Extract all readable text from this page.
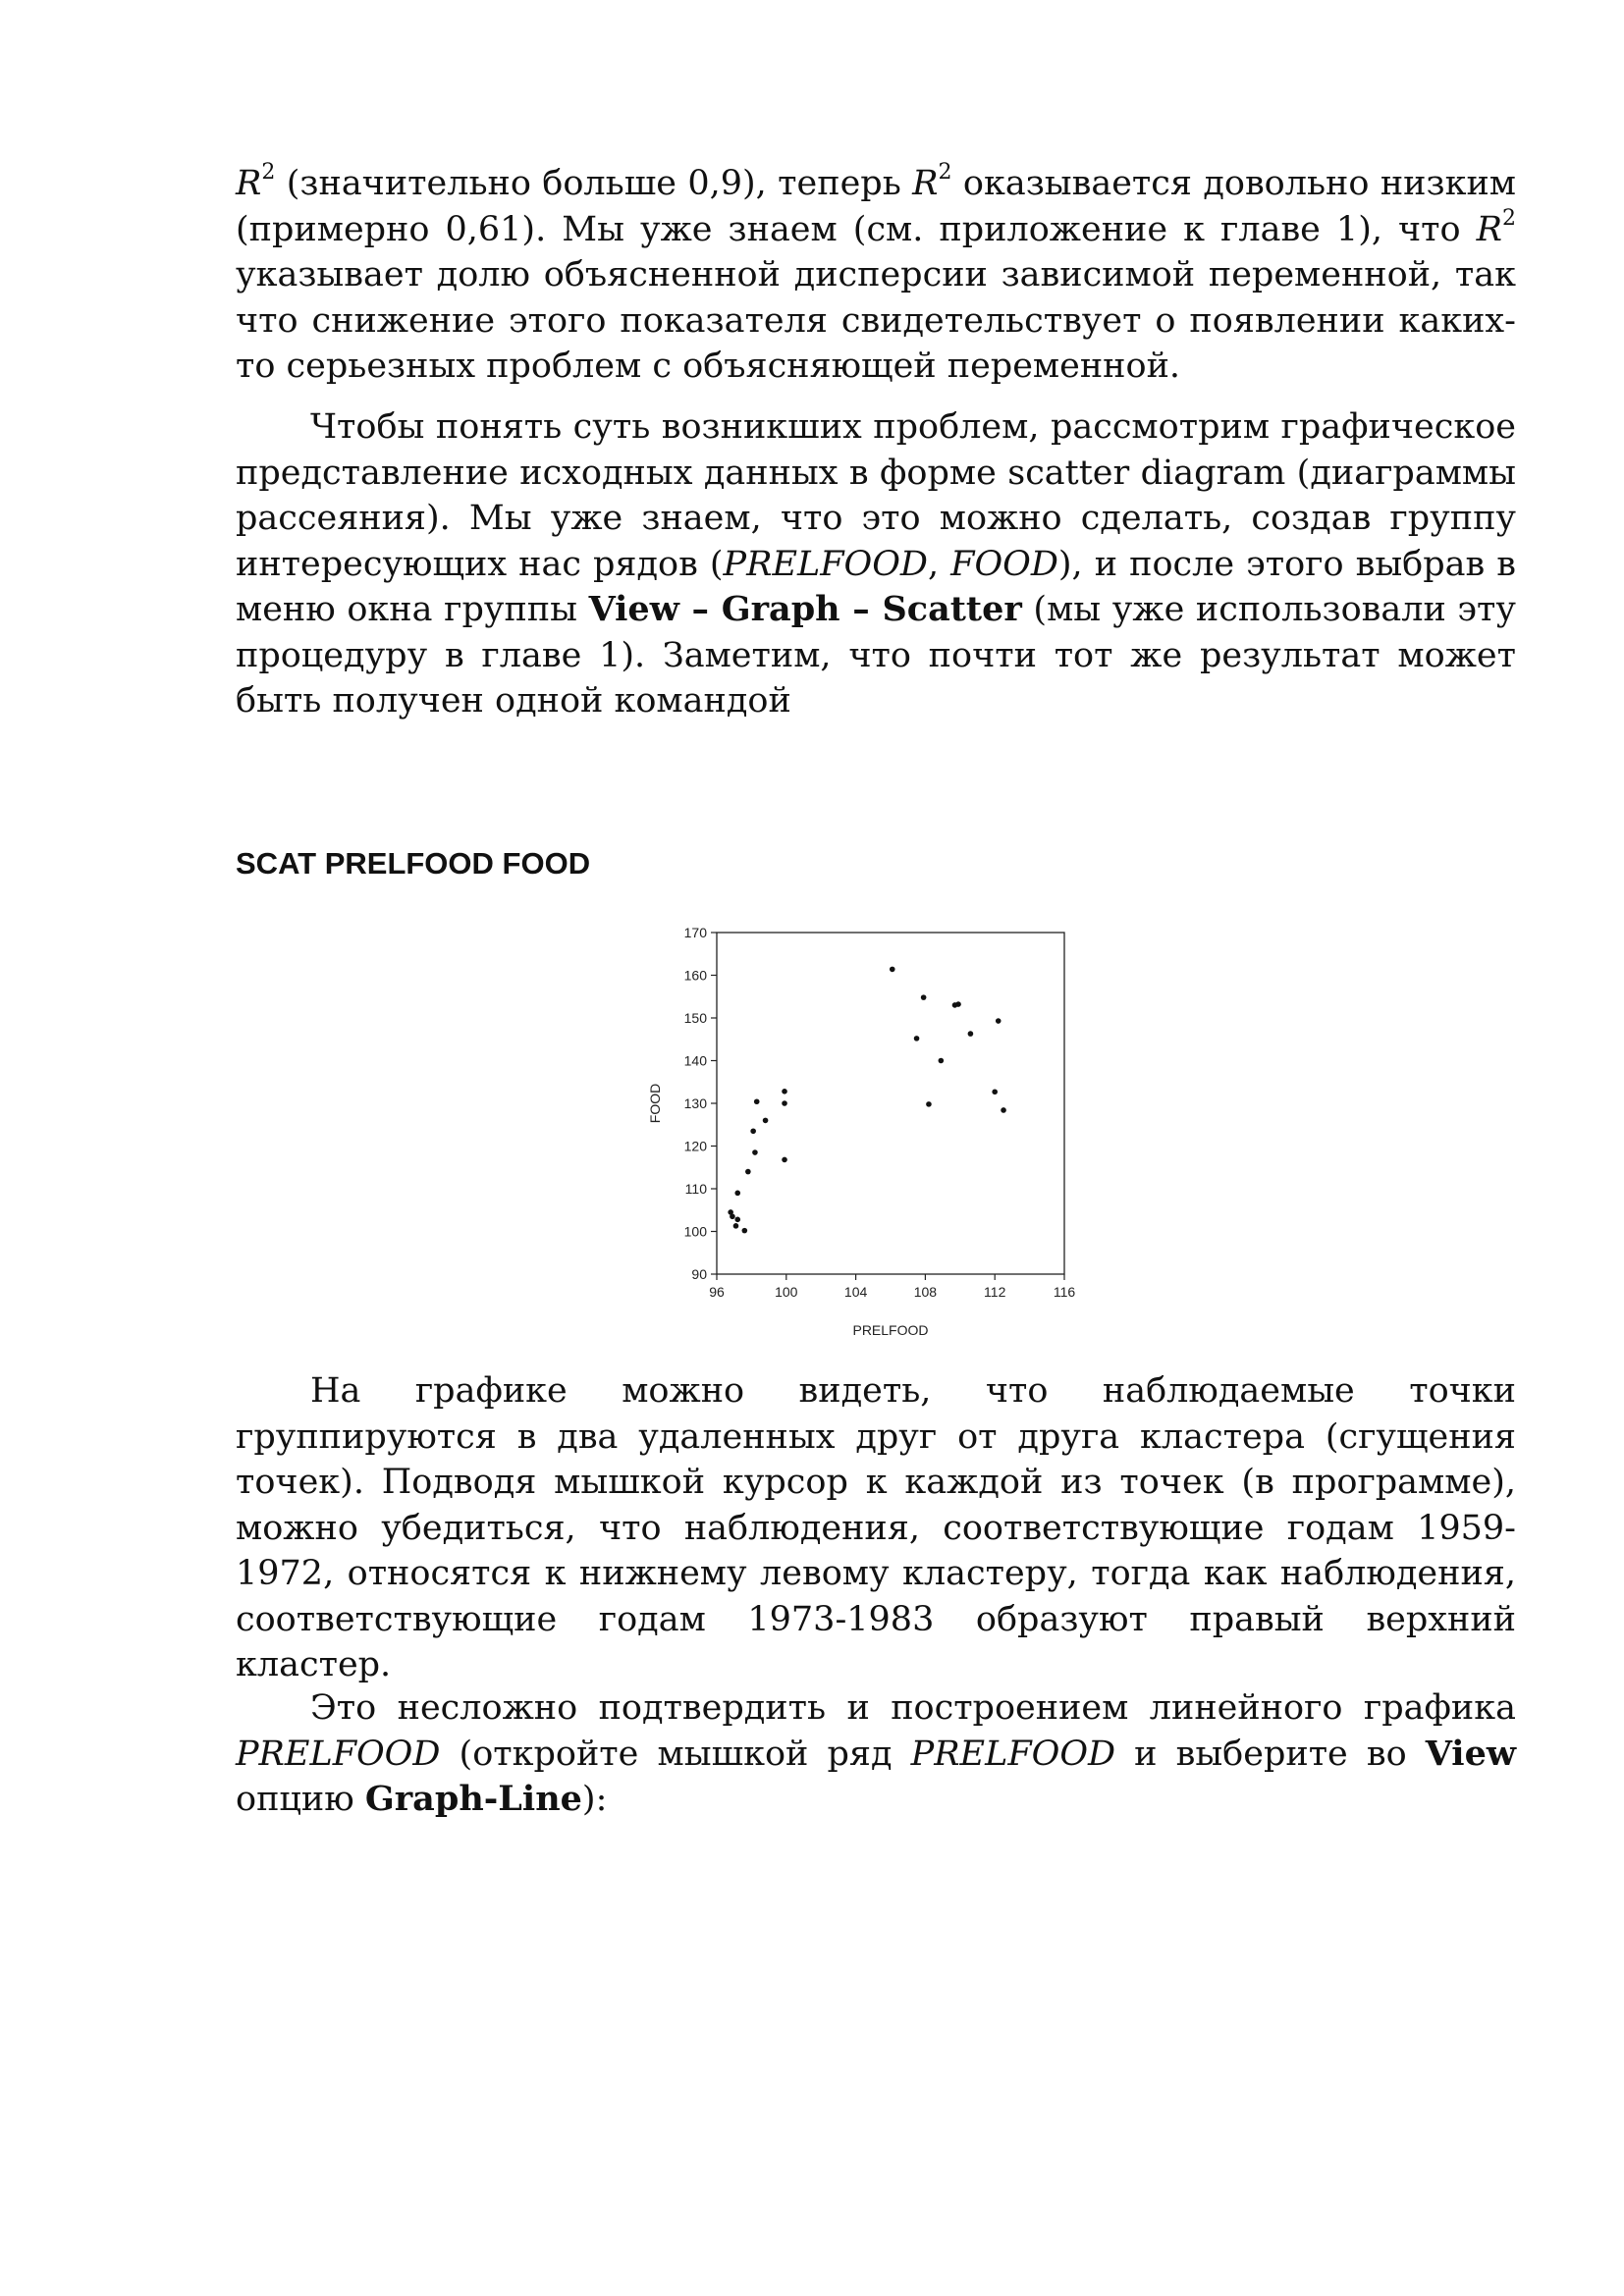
$R^2$ (значительно больше 0,9), теперь $R^2$ оказывается довольно низким (примерно 0,61). Мы уже знаем (см. приложение к главе 1), что $R^2$ указывает долю объясненной дисперсии зависимой переменной, так что снижение этого показателя свидетельствует о появлении каких-то серьезных проблем с объясняющей переменной.

Чтобы понять суть возникших проблем, рассмотрим графическое представление исходных данных в форме scatter diagram (диаграммы рассеяния). Мы уже знаем, что это можно сделать, создав группу интересующих нас рядов (PRELFOOD, FOOD), и после этого выбрав в меню окна группы View – Graph – Scatter (мы уже использовали эту процедуру в главе 1). Заметим, что почти тот же результат может быть получен одной командой

SCAT PRELFOOD FOOD

90
100
110
120
130
140
150
160
170
96	100	104	108	112	116
PRELFOOD
FOOD

На графике можно видеть, что наблюдаемые точки группируются в два удаленных друг от друга кластера (сгущения точек). Подводя мышкой курсор к каждой из точек (в программе), можно убедиться, что наблюдения, соответствующие годам 1959-1972, относятся к нижнему левому кластеру, тогда как наблюдения, соответствующие годам 1973-1983 образуют правый верхний кластер.

Это несложно подтвердить и построением линейного графика PRELFOOD (откройте мышкой ряд PRELFOOD и выберите во View опцию Graph-Line):
